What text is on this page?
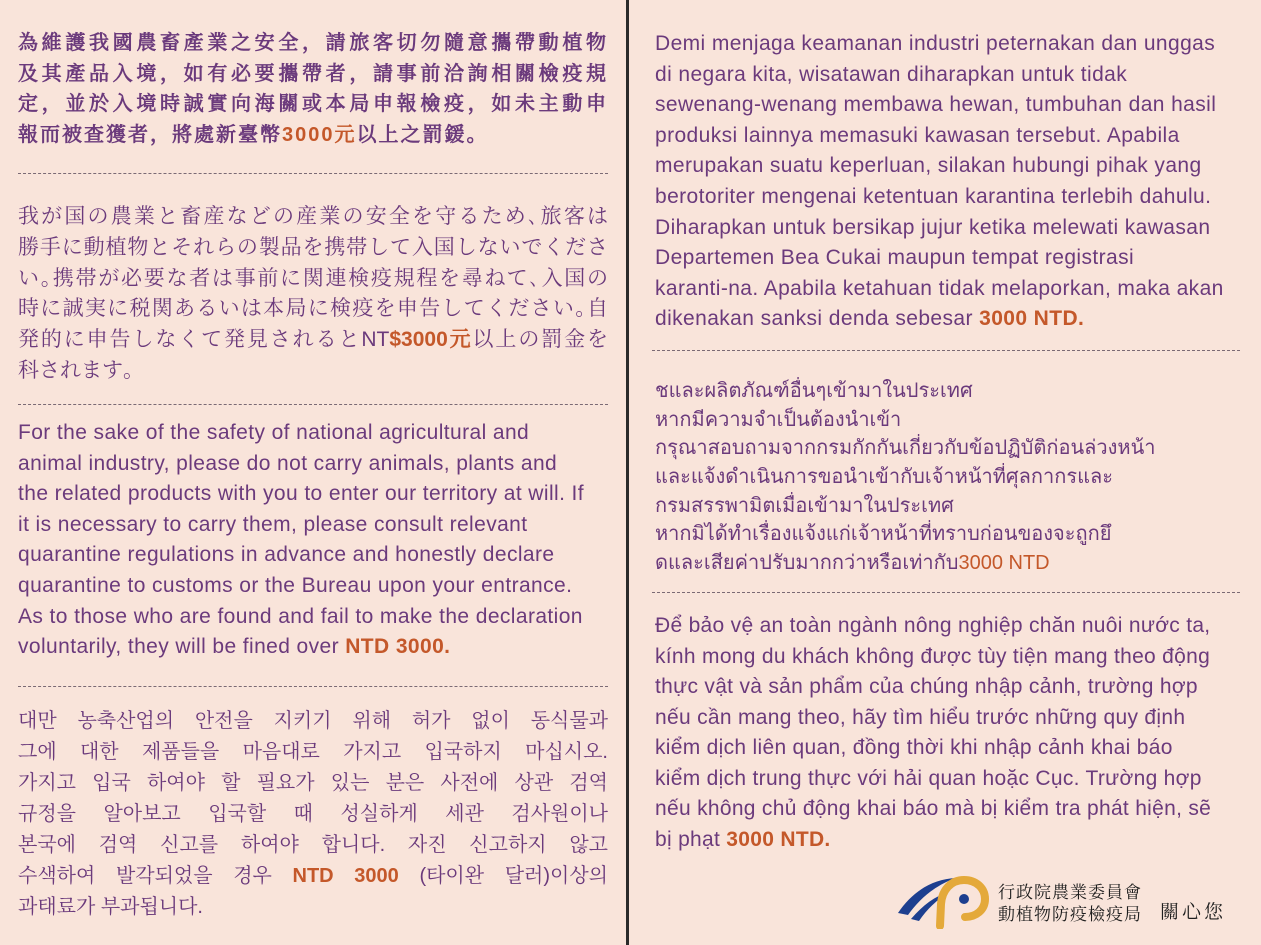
為維護我國農畜產業之安全，請旅客切勿隨意攜帶動植物
及其產品入境，如有必要攜帶者，請事前洽詢相關檢疫規
定，並於入境時誠實向海關或本局申報檢疫，如未主動申
報而被查獲者，將處新臺幣3000元以上之罰鍰。
我が国の農業と畜産などの産業の安全を守るため､旅客は
勝手に動植物とそれらの製品を携帯して入国しないでくださ
い｡携帯が必要な者は事前に関連検疫規程を尋ねて､入国の
時に誠実に税関あるいは本局に検疫を申告してください｡自
発的に申告しなくて発見されるとNT$3000元以上の罰金を
科されます｡
For the sake of the safety of national agricultural and
animal industry, please do not carry animals, plants and
the related products with you to enter our territory at will. If
it is necessary to carry them, please consult relevant
quarantine regulations in advance and honestly declare
quarantine to customs or the Bureau upon your entrance.
As to those who are found and fail to make the declaration
voluntarily, they will be fined over NTD 3000.
대만 농축산업의 안전을 지키기 위해 허가 없이 동식물과
그에 대한 제품들을 마음대로 가지고 입국하지 마십시오.
가지고 입국 하여야 할 필요가 있는 분은 사전에 상관 검역
규정을 알아보고 입국할 때 성실하게 세관 검사원이나
본국에 검역 신고를 하여야 합니다. 자진 신고하지 않고
수색하여 발각되었을 경우 NTD 3000 (타이완 달러)이상의
과태료가 부과됩니다.
Demi menjaga keamanan industri peternakan dan unggas
di negara kita, wisatawan diharapkan untuk tidak
sewenang-wenang membawa hewan, tumbuhan dan hasil
produksi lainnya memasuki kawasan tersebut. Apabila
merupakan suatu keperluan, silakan hubungi pihak yang
berotoriter mengenai ketentuan karantina terlebih dahulu.
Diharapkan untuk bersikap jujur ketika melewati kawasan
Departemen Bea Cukai maupun tempat registrasi
karanti-na. Apabila ketahuan tidak melaporkan, maka akan
dikenakan sanksi denda sebesar 3000 NTD.
ชและผลิตภัณฑ์อื่นๆเข้ามาในประเทศ
หากมีความจำเป็นต้องนำเข้า
กรุณาสอบถามจากกรมกักกันเกี่ยวกับข้อปฏิบัติก่อนล่วงหน้า
และแจ้งดำเนินการขอนำเข้ากับเจ้าหน้าที่ศุลกากรและ
กรมสรรพามิตเมื่อเข้ามาในประเทศ
หากมิได้ทำเรื่องแจ้งแก่เจ้าหน้าที่ทราบก่อนของจะถูกยึ
ดและเสียค่าปรับมากกว่าหรือเท่ากับ3000 NTD
Để bảo vệ an toàn ngành nông nghiệp chăn nuôi nước ta,
kính mong du khách không được tùy tiện mang theo động
thực vật và sản phẩm của chúng nhập cảnh, trường hợp
nếu cần mang theo, hãy tìm hiểu trước những quy định
kiểm dịch liên quan, đồng thời khi nhập cảnh khai báo
kiểm dịch trung thực với hải quan hoặc Cục. Trường hợp
nếu không chủ động khai báo mà bị kiểm tra phát hiện, sẽ
bị phạt 3000 NTD.
行政院農業委員會
動植物防疫檢疫局 關心您
